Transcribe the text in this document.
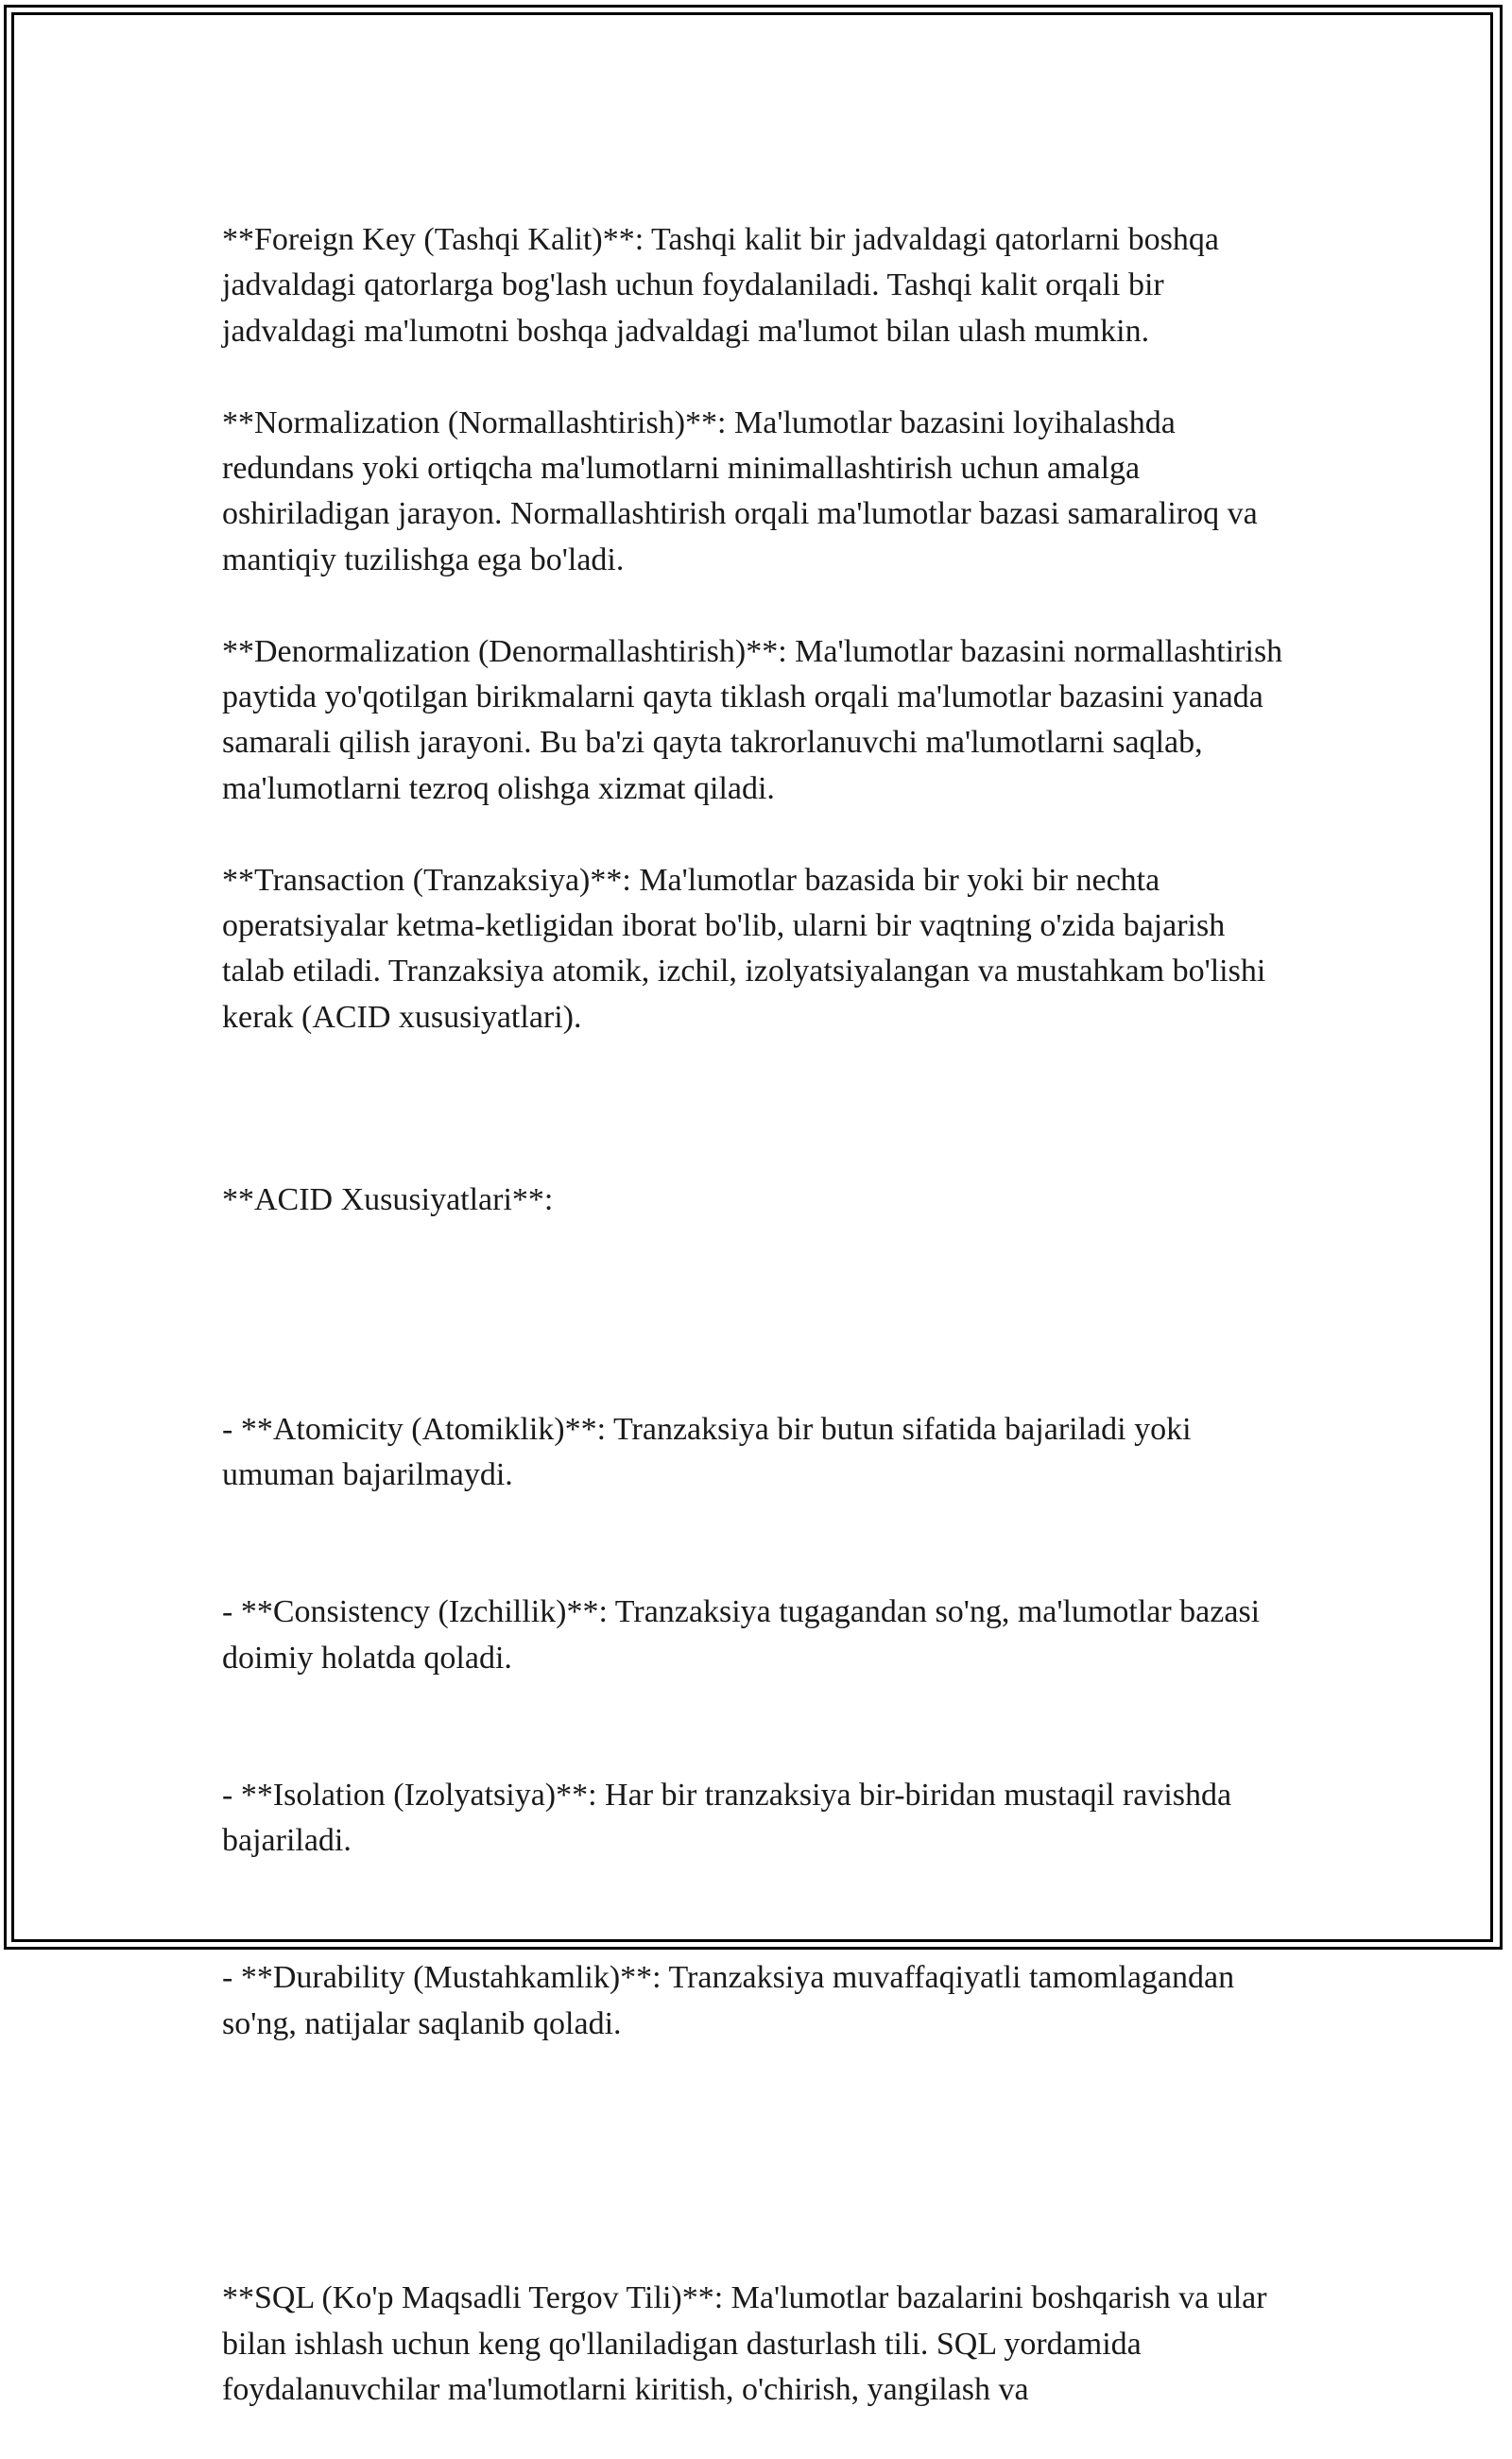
**Foreign Key (Tashqi Kalit)**: Tashqi kalit bir jadvaldagi qatorlarni boshqa jadvaldagi qatorlarga bog'lash uchun foydalaniladi. Tashqi kalit orqali bir jadvaldagi ma'lumotni boshqa jadvaldagi ma'lumot bilan ulash mumkin.

**Normalization (Normallashtirish)**: Ma'lumotlar bazasini loyihalashda redundans yoki ortiqcha ma'lumotlarni minimallashtirish uchun amalga oshiriladigan jarayon. Normallashtirish orqali ma'lumotlar bazasi samaraliroq va mantiqiy tuzilishga ega bo'ladi.

**Denormalization (Denormallashtirish)**: Ma'lumotlar bazasini normallashtirish paytida yo'qotilgan birikmalarni qayta tiklash orqali ma'lumotlar bazasini yanada samarali qilish jarayoni. Bu ba'zi qayta takrorlanuvchi ma'lumotlarni saqlab, ma'lumotlarni tezroq olishga xizmat qiladi.

**Transaction (Tranzaksiya)**: Ma'lumotlar bazasida bir yoki bir nechta operatsiyalar ketma-ketligidan iborat bo'lib, ularni bir vaqtning o'zida bajarish talab etiladi. Tranzaksiya atomik, izchil, izolyatsiyalangan va mustahkam bo'lishi kerak (ACID xususiyatlari).

**ACID Xususiyatlari**:

- **Atomicity (Atomiklik)**: Tranzaksiya bir butun sifatida bajariladi yoki umuman bajarilmaydi.

- **Consistency (Izchillik)**: Tranzaksiya tugagandan so'ng, ma'lumotlar bazasi doimiy holatda qoladi.

- **Isolation (Izolyatsiya)**: Har bir tranzaksiya bir-biridan mustaqil ravishda bajariladi.

- **Durability (Mustahkamlik)**: Tranzaksiya muvaffaqiyatli tamomlagandan so'ng, natijalar saqlanib qoladi.

**SQL (Ko'p Maqsadli Tergov Tili)**: Ma'lumotlar bazalarini boshqarish va ular bilan ishlash uchun keng qo'llaniladigan dasturlash tili. SQL yordamida foydalanuvchilar ma'lumotlarni kiritish, o'chirish, yangilash va
